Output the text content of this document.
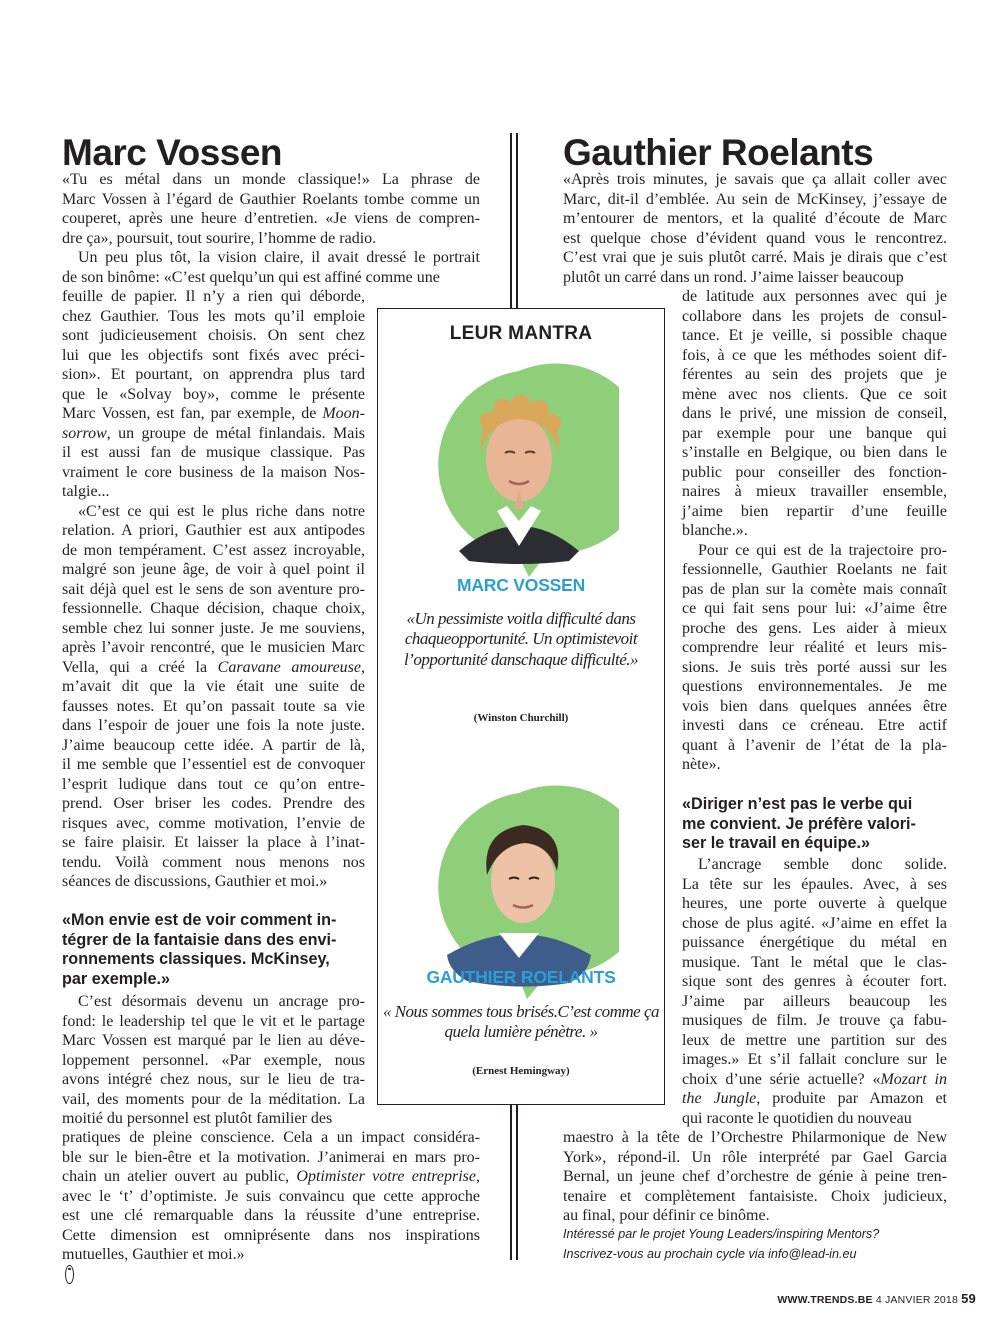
Marc Vossen
«Tu es métal dans un monde classique!» La phrase de
Marc Vossen à l’égard de Gauthier Roelants tombe comme un
couperet, après une heure d’entretien. «Je viens de compren-
dre ça», poursuit, tout sourire, l’homme de radio.
Un peu plus tôt, la vision claire, il avait dressé le portrait
de son binôme: «C’est quelqu’un qui est affiné comme une
feuille de papier. Il n’y a rien qui déborde,
chez Gauthier. Tous les mots qu’il emploie
sont judicieusement choisis. On sent chez
lui que les objectifs sont fixés avec préci-
sion». Et pourtant, on apprendra plus tard
que le «Solvay boy», comme le présente
Marc Vossen, est fan, par exemple, de Moon-
sorrow, un groupe de métal finlandais. Mais
il est aussi fan de musique classique. Pas
vraiment le core business de la maison Nos-
talgie...
«C’est ce qui est le plus riche dans notre
relation. A priori, Gauthier est aux antipodes
de mon tempérament. C’est assez incroyable,
malgré son jeune âge, de voir à quel point il
sait déjà quel est le sens de son aventure pro-
fessionnelle. Chaque décision, chaque choix,
semble chez lui sonner juste. Je me souviens,
après l’avoir rencontré, que le musicien Marc
Vella, qui a créé la Caravane amoureuse,
m’avait dit que la vie était une suite de
fausses notes. Et qu’on passait toute sa vie
dans l’espoir de jouer une fois la note juste.
J’aime beaucoup cette idée. A partir de là,
il me semble que l’essentiel est de convoquer
l’esprit ludique dans tout ce qu’on entre-
prend. Oser briser les codes. Prendre des
risques avec, comme motivation, l’envie de
se faire plaisir. Et laisser la place à l’inat-
tendu. Voilà comment nous menons nos
séances de discussions, Gauthier et moi.»
«Mon envie est de voir comment in-
tégrer de la fantaisie dans des envi-
ronnements classiques. McKinsey,
par exemple.»
C’est désormais devenu un ancrage pro-
fond: le leadership tel que le vit et le partage
Marc Vossen est marqué par le lien au déve-
loppement personnel. «Par exemple, nous
avons intégré chez nous, sur le lieu de tra-
vail, des moments pour de la méditation. La
moitié du personnel est plutôt familier des
pratiques de pleine conscience. Cela a un impact considéra-
ble sur le bien-être et la motivation. J’animerai en mars pro-
chain un atelier ouvert au public, Optimister votre entreprise,
avec le ‘t’ d’optimiste. Je suis convaincu que cette approche
est une clé remarquable dans la réussite d’une entreprise.
Cette dimension est omniprésente dans nos inspirations
mutuelles, Gauthier et moi.»
Gauthier Roelants
«Après trois minutes, je savais que ça allait coller avec
Marc, dit-il d’emblée. Au sein de McKinsey, j’essaye de
m’entourer de mentors, et la qualité d’écoute de Marc
est quelque chose d’évident quand vous le rencontrez.
C’est vrai que je suis plutôt carré. Mais je dirais que c’est
plutôt un carré dans un rond. J’aime laisser beaucoup
de latitude aux personnes avec qui je
collabore dans les projets de consul-
tance. Et je veille, si possible chaque
fois, à ce que les méthodes soient dif-
férentes au sein des projets que je
mène avec nos clients. Que ce soit
dans le privé, une mission de conseil,
par exemple pour une banque qui
s’installe en Belgique, ou bien dans le
public pour conseiller des fonction-
naires à mieux travailler ensemble,
j’aime bien repartir d’une feuille
blanche.».
Pour ce qui est de la trajectoire pro-
fessionnelle, Gauthier Roelants ne fait
pas de plan sur la comète mais connaît
ce qui fait sens pour lui: «J’aime être
proche des gens. Les aider à mieux
comprendre leur réalité et leurs mis-
sions. Je suis très porté aussi sur les
questions environnementales. Je me
vois bien dans quelques années être
investi dans ce créneau. Etre actif
quant à l’avenir de l’état de la pla-
nète».
«Diriger n’est pas le verbe qui
me convient. Je préfère valori-
ser le travail en équipe.»
L’ancrage semble donc solide.
La tête sur les épaules. Avec, à ses
heures, une porte ouverte à quelque
chose de plus agité. «J’aime en effet la
puissance énergétique du métal en
musique. Tant le métal que le clas-
sique sont des genres à écouter fort.
J’aime par ailleurs beaucoup les
musiques de film. Je trouve ça fabu-
leux de mettre une partition sur des
images.» Et s’il fallait conclure sur le
choix d’une série actuelle? «Mozart in
the Jungle, produite par Amazon et
qui raconte le quotidien du nouveau
maestro à la tête de l’Orchestre Philarmonique de New
York», répond-il. Un rôle interprété par Gael Garcia
Bernal, un jeune chef d’orchestre de génie à peine tren-
tenaire et complètement fantaisiste. Choix judicieux,
au final, pour définir ce binôme.
Intéressé par le projet Young Leaders/inspiring Mentors?
Inscrivez-vous au prochain cycle via info@lead-in.eu
LEUR MANTRA
MARC VOSSEN
«Un pessimiste voitla difficulté dans chaqueopportunité. Un optimistevoit l’opportunité danschaque difficulté.»
(Winston Churchill)
GAUTHIER ROELANTS
« Nous sommes tous brisés.C’est comme ça quela lumière pénètre. »
(Ernest Hemingway)
WWW.TRENDS.BE 4 JANVIER 2018 59
